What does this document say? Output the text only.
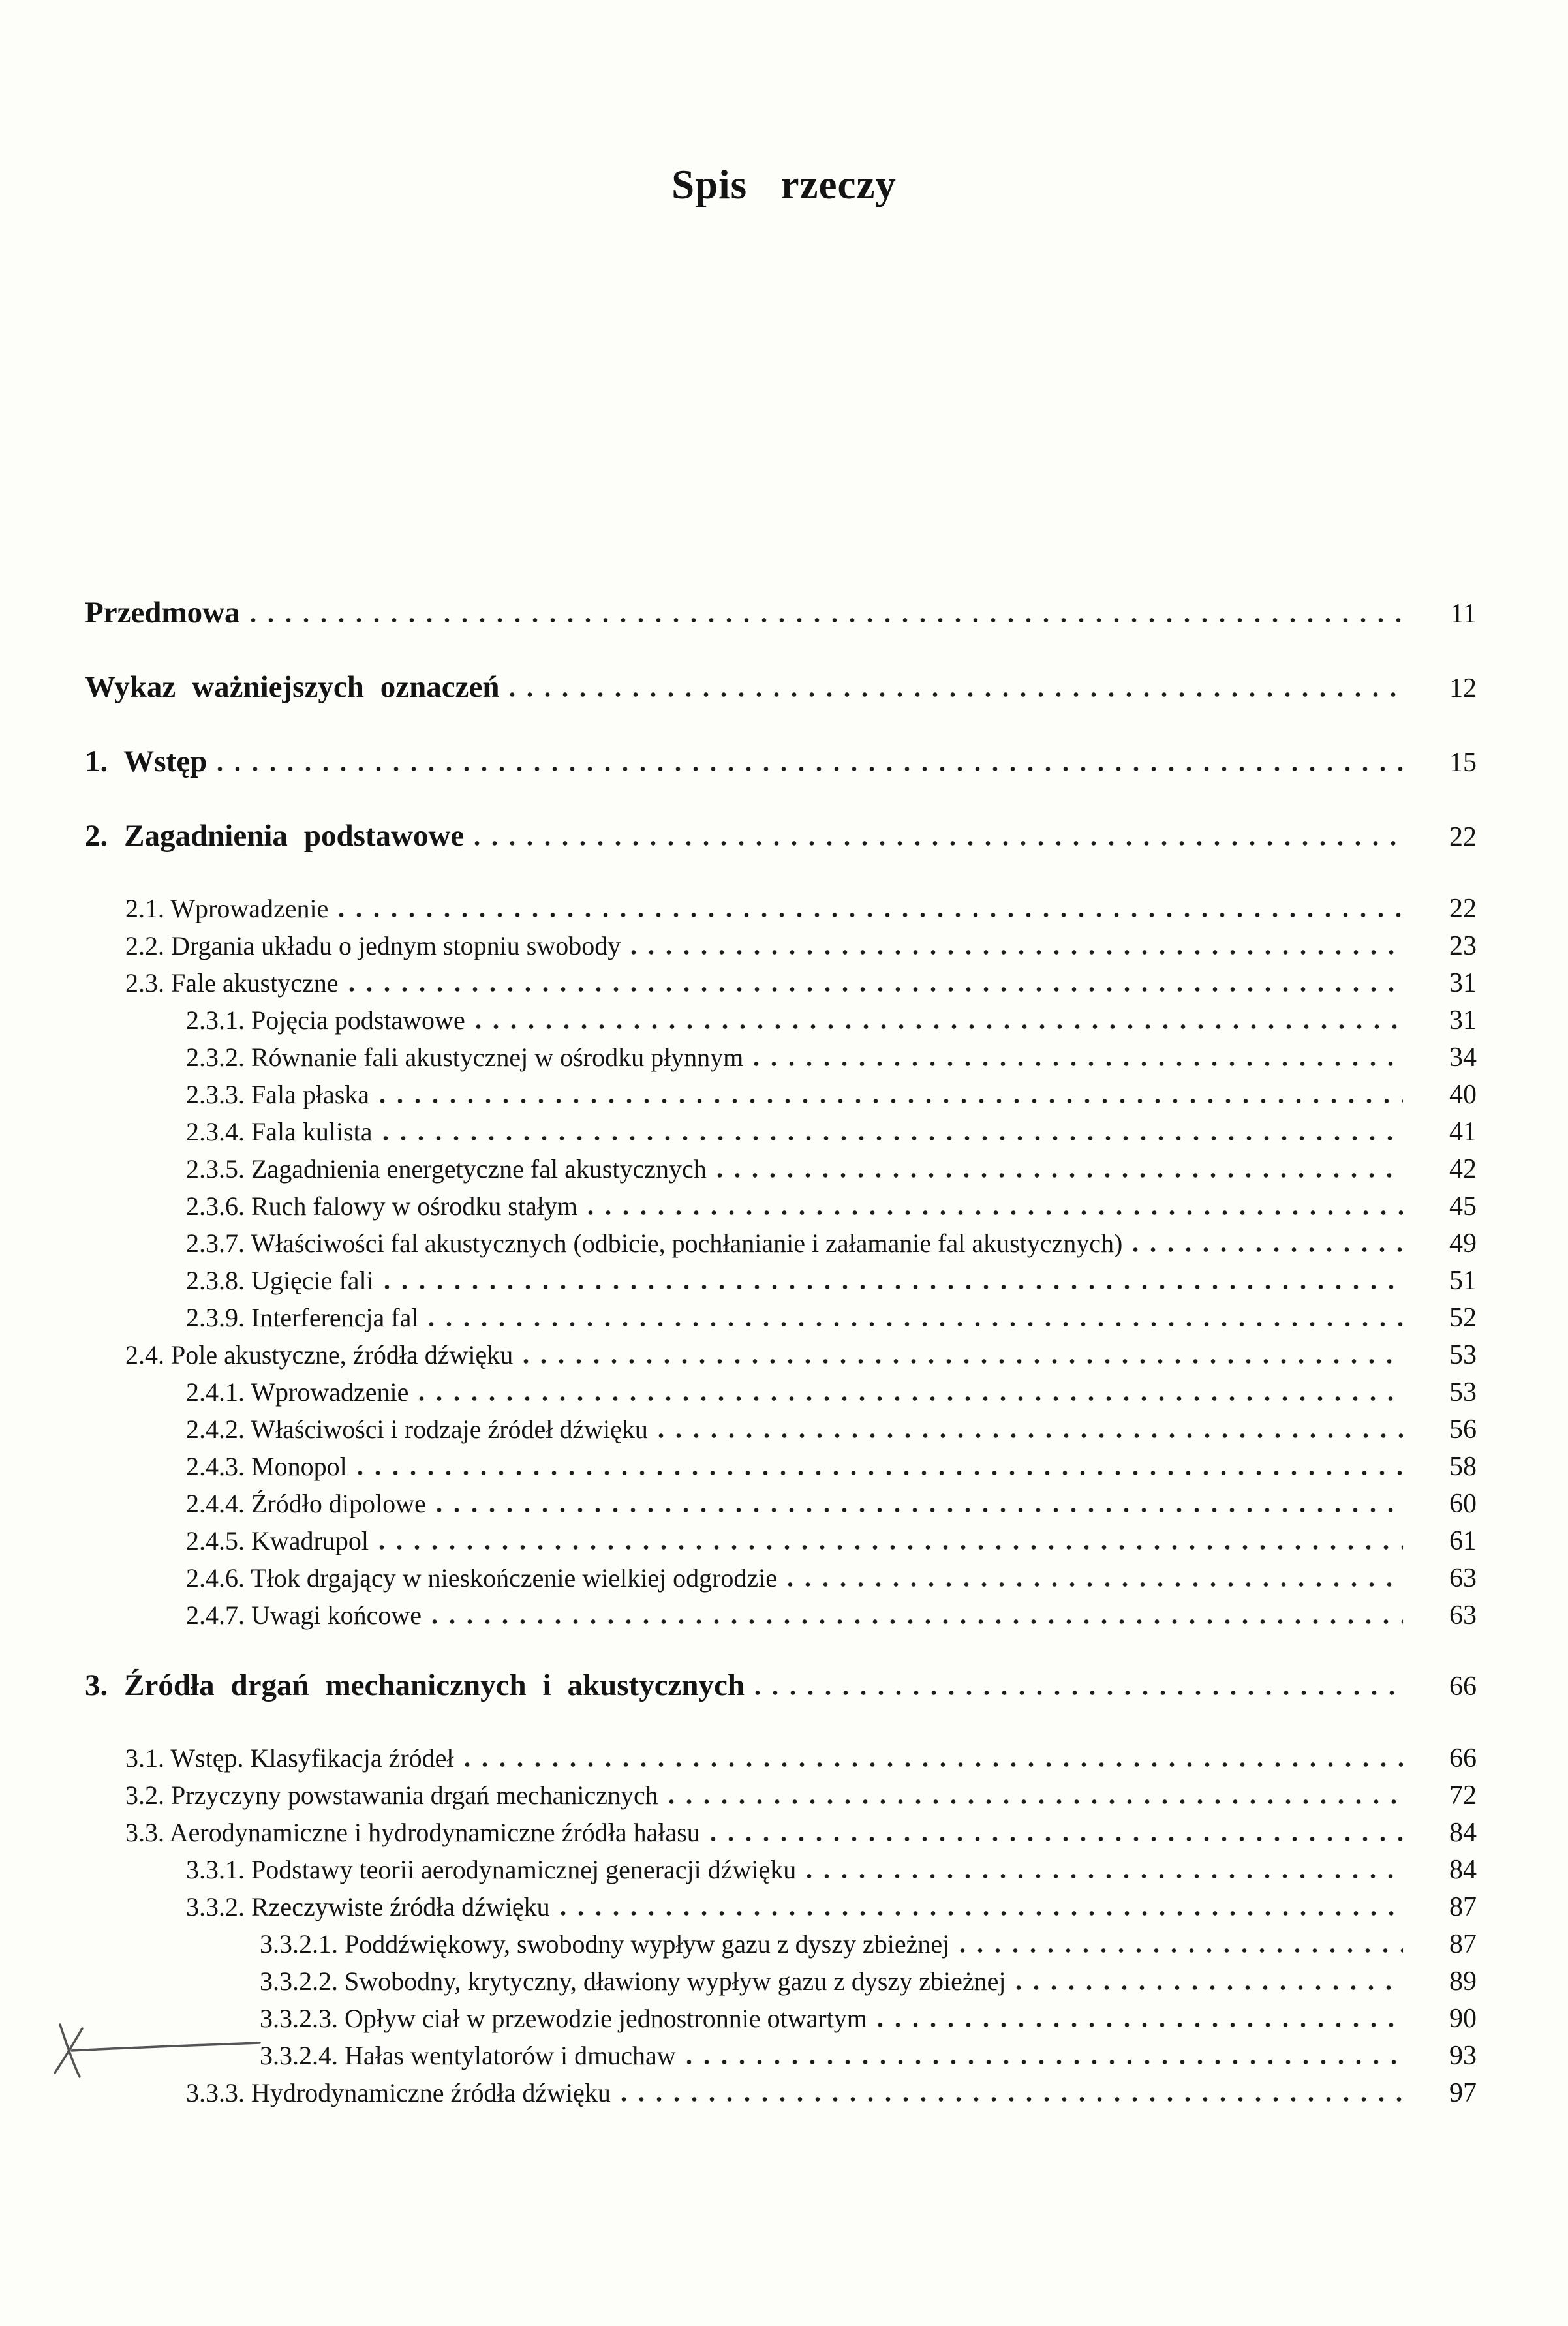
Spis rzeczy
Przedmowa	11
Wykaz ważniejszych oznaczeń	12
1. Wstęp	15
2. Zagadnienia podstawowe	22
2.1. Wprowadzenie	22
2.2. Drgania układu o jednym stopniu swobody	23
2.3. Fale akustyczne	31
2.3.1. Pojęcia podstawowe	31
2.3.2. Równanie fali akustycznej w ośrodku płynnym	34
2.3.3. Fala płaska	40
2.3.4. Fala kulista	41
2.3.5. Zagadnienia energetyczne fal akustycznych	42
2.3.6. Ruch falowy w ośrodku stałym	45
2.3.7. Właściwości fal akustycznych (odbicie, pochłanianie i załamanie fal akustycznych)	49
2.3.8. Ugięcie fali	51
2.3.9. Interferencja fal	52
2.4. Pole akustyczne, źródła dźwięku	53
2.4.1. Wprowadzenie	53
2.4.2. Właściwości i rodzaje źródeł dźwięku	56
2.4.3. Monopol	58
2.4.4. Źródło dipolowe	60
2.4.5. Kwadrupol	61
2.4.6. Tłok drgający w nieskończenie wielkiej odgrodzie	63
2.4.7. Uwagi końcowe	63
3. Źródła drgań mechanicznych i akustycznych	66
3.1. Wstęp. Klasyfikacja źródeł	66
3.2. Przyczyny powstawania drgań mechanicznych	72
3.3. Aerodynamiczne i hydrodynamiczne źródła hałasu	84
3.3.1. Podstawy teorii aerodynamicznej generacji dźwięku	84
3.3.2. Rzeczywiste źródła dźwięku	87
3.3.2.1. Poddźwiękowy, swobodny wypływ gazu z dyszy zbieżnej	87
3.3.2.2. Swobodny, krytyczny, dławiony wypływ gazu z dyszy zbieżnej	89
3.3.2.3. Opływ ciał w przewodzie jednostronnie otwartym	90
3.3.2.4. Hałas wentylatorów i dmuchaw	93
3.3.3. Hydrodynamiczne źródła dźwięku	97
